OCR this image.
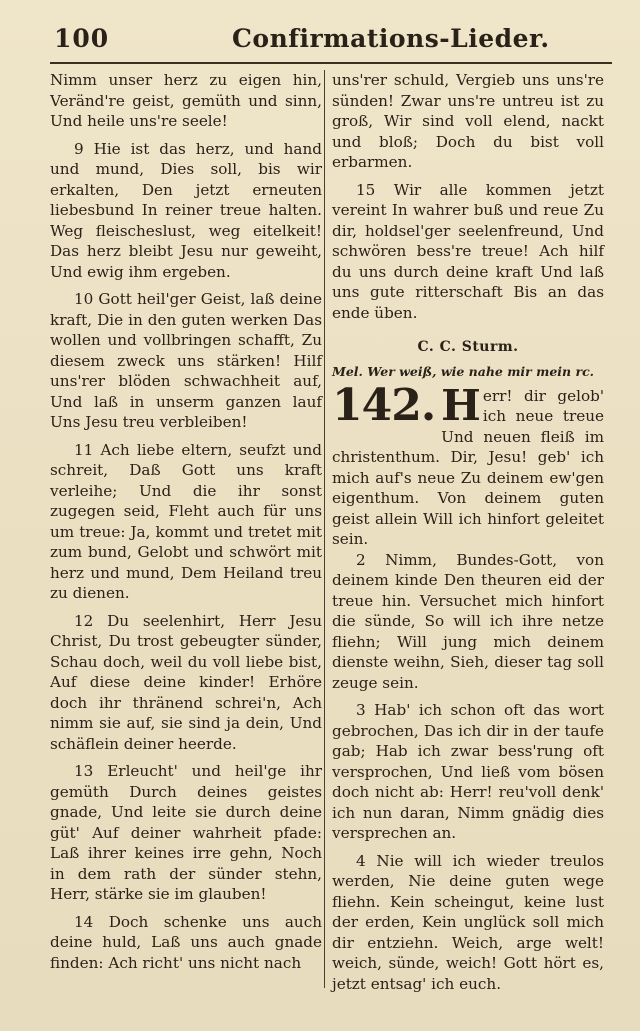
100	Confirmations-Lieder.

Nimm unser herz zu eigen hin, Veränd're geist, gemüth und sinn, Und heile uns're seele!

9 Hie ist das herz, und hand und mund, Dies soll, bis wir erkalten, Den jetzt erneuten liebesbund In reiner treue halten. Weg fleischeslust, weg eitelkeit! Das herz bleibt Jesu nur geweiht, Und ewig ihm ergeben.

10 Gott heil'ger Geist, laß deine kraft, Die in den guten werken Das wollen und vollbringen schafft, Zu diesem zweck uns stärken! Hilf uns'rer blöden schwachheit auf, Und laß in unserm ganzen lauf Uns Jesu treu verbleiben!

11 Ach liebe eltern, seufzt und schreit, Daß Gott uns kraft verleihe; Und die ihr sonst zugegen seid, Fleht auch für uns um treue: Ja, kommt und tretet mit zum bund, Gelobt und schwört mit herz und mund, Dem Heiland treu zu dienen.

12 Du seelenhirt, Herr Jesu Christ, Du trost gebeugter sünder, Schau doch, weil du voll liebe bist, Auf diese deine kinder! Erhöre doch ihr thränend schrei'n, Ach nimm sie auf, sie sind ja dein, Und schäflein deiner heerde.

13 Erleucht' und heil'ge ihr gemüth Durch deines geistes gnade, Und leite sie durch deine güt' Auf deiner wahrheit pfade: Laß ihrer keines irre gehn, Noch in dem rath der sünder stehn, Herr, stärke sie im glauben!

14 Doch schenke uns auch deine huld, Laß uns auch gnade finden: Ach richt' uns nicht nach

uns'rer schuld, Vergieb uns uns're sünden! Zwar uns're untreu ist zu groß, Wir sind voll elend, nackt und bloß; Doch du bist voll erbarmen.

15 Wir alle kommen jetzt vereint In wahrer buß und reue Zu dir, holdsel'ger seelenfreund, Und schwören bess're treue! Ach hilf du uns durch deine kraft Und laß uns gute ritterschaft Bis an das ende üben.

C. C. Sturm.
Mel. Wer weiß, wie nahe mir mein rc.
142. H err! dir gelob' ich neue treue Und neuen fleiß im christenthum. Dir, Jesu! geb' ich mich auf's neue Zu deinem ew'gen eigenthum. Von deinem guten geist allein Will ich hinfort geleitet sein.

2 Nimm, Bundes-Gott, von deinem kinde Den theuren eid der treue hin. Versuchet mich hinfort die sünde, So will ich ihre netze fliehn; Will jung mich deinem dienste weihn, Sieh, dieser tag soll zeuge sein.

3 Hab' ich schon oft das wort gebrochen, Das ich dir in der taufe gab; Hab ich zwar bess'rung oft versprochen, Und ließ vom bösen doch nicht ab: Herr! reu'voll denk' ich nun daran, Nimm gnädig dies versprechen an.

4 Nie will ich wieder treulos werden, Nie deine guten wege fliehn. Kein scheingut, keine lust der erden, Kein unglück soll mich dir entziehn. Weich, arge welt! weich, sünde, weich! Gott hört es, jetzt entsag' ich euch.
